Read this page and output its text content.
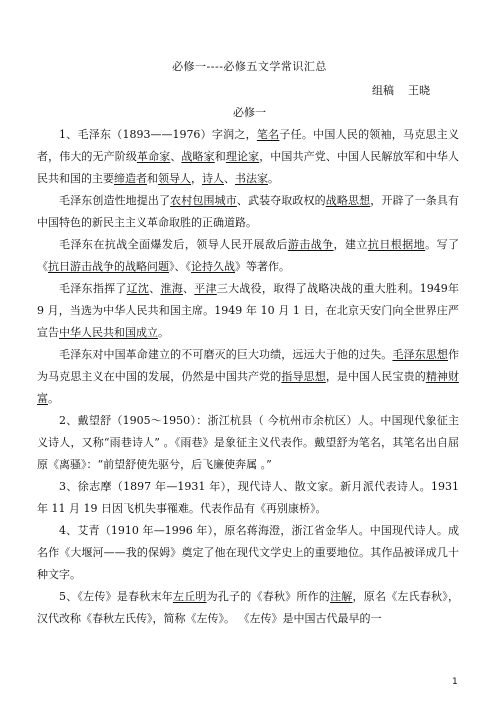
必修一----必修五文学常识汇总
组稿 王晓
必修一

1、毛泽东（1893——1976）字润之，笔名子任。中国人民的领袖，马克思主义者，伟大的无产阶级革命家、战略家和理论家，中国共产党、中国人民解放军和中华人民共和国的主要缔造者和领导人，诗人、书法家。

毛泽东创造性地提出了农村包围城市、武装夺取政权的战略思想，开辟了一条具有中国特色的新民主主义革命取胜的正确道路。

毛泽东在抗战全面爆发后，领导人民开展敌后游击战争，建立抗日根据地。写了《抗日游击战争的战略问题》、《论持久战》等著作。

毛泽东指挥了辽沈、淮海、平津三大战役，取得了战略决战的重大胜利。1949年 9 月，当选为中华人民共和国主席。1949 年 10 月 1 日，在北京天安门向全世界庄严宣告中华人民共和国成立。

毛泽东对中国革命建立的不可磨灭的巨大功绩，远远大于他的过失。毛泽东思想作为马克思主义在中国的发展，仍然是中国共产党的指导思想，是中国人民宝贵的精神财富。

2、戴望舒（1905～1950）：浙江杭县（ 今杭州市余杭区）人。中国现代象征主义诗人，又称“雨巷诗人” 。《雨巷》是象征主义代表作。戴望舒为笔名，其笔名出自屈原《离骚》：“前望舒使先驱兮，后飞廉使奔属 。”

3、徐志摩（1897 年—1931 年），现代诗人、散文家。新月派代表诗人。1931年 11 月 19 日因飞机失事罹难。代表作品有《再别康桥》。

4、艾青（1910 年—1996 年），原名蒋海澄，浙江省金华人。中国现代诗人。成名作《大堰河——我的保姆》奠定了他在现代文学史上的重要地位。其作品被译成几十种文字。

5、《左传》是春秋末年左丘明为孔子的《春秋》所作的注解，原名《左氏春秋》，汉代改称《春秋左氏传》，简称《左传》。 《左传》是中国古代最早的一

1
